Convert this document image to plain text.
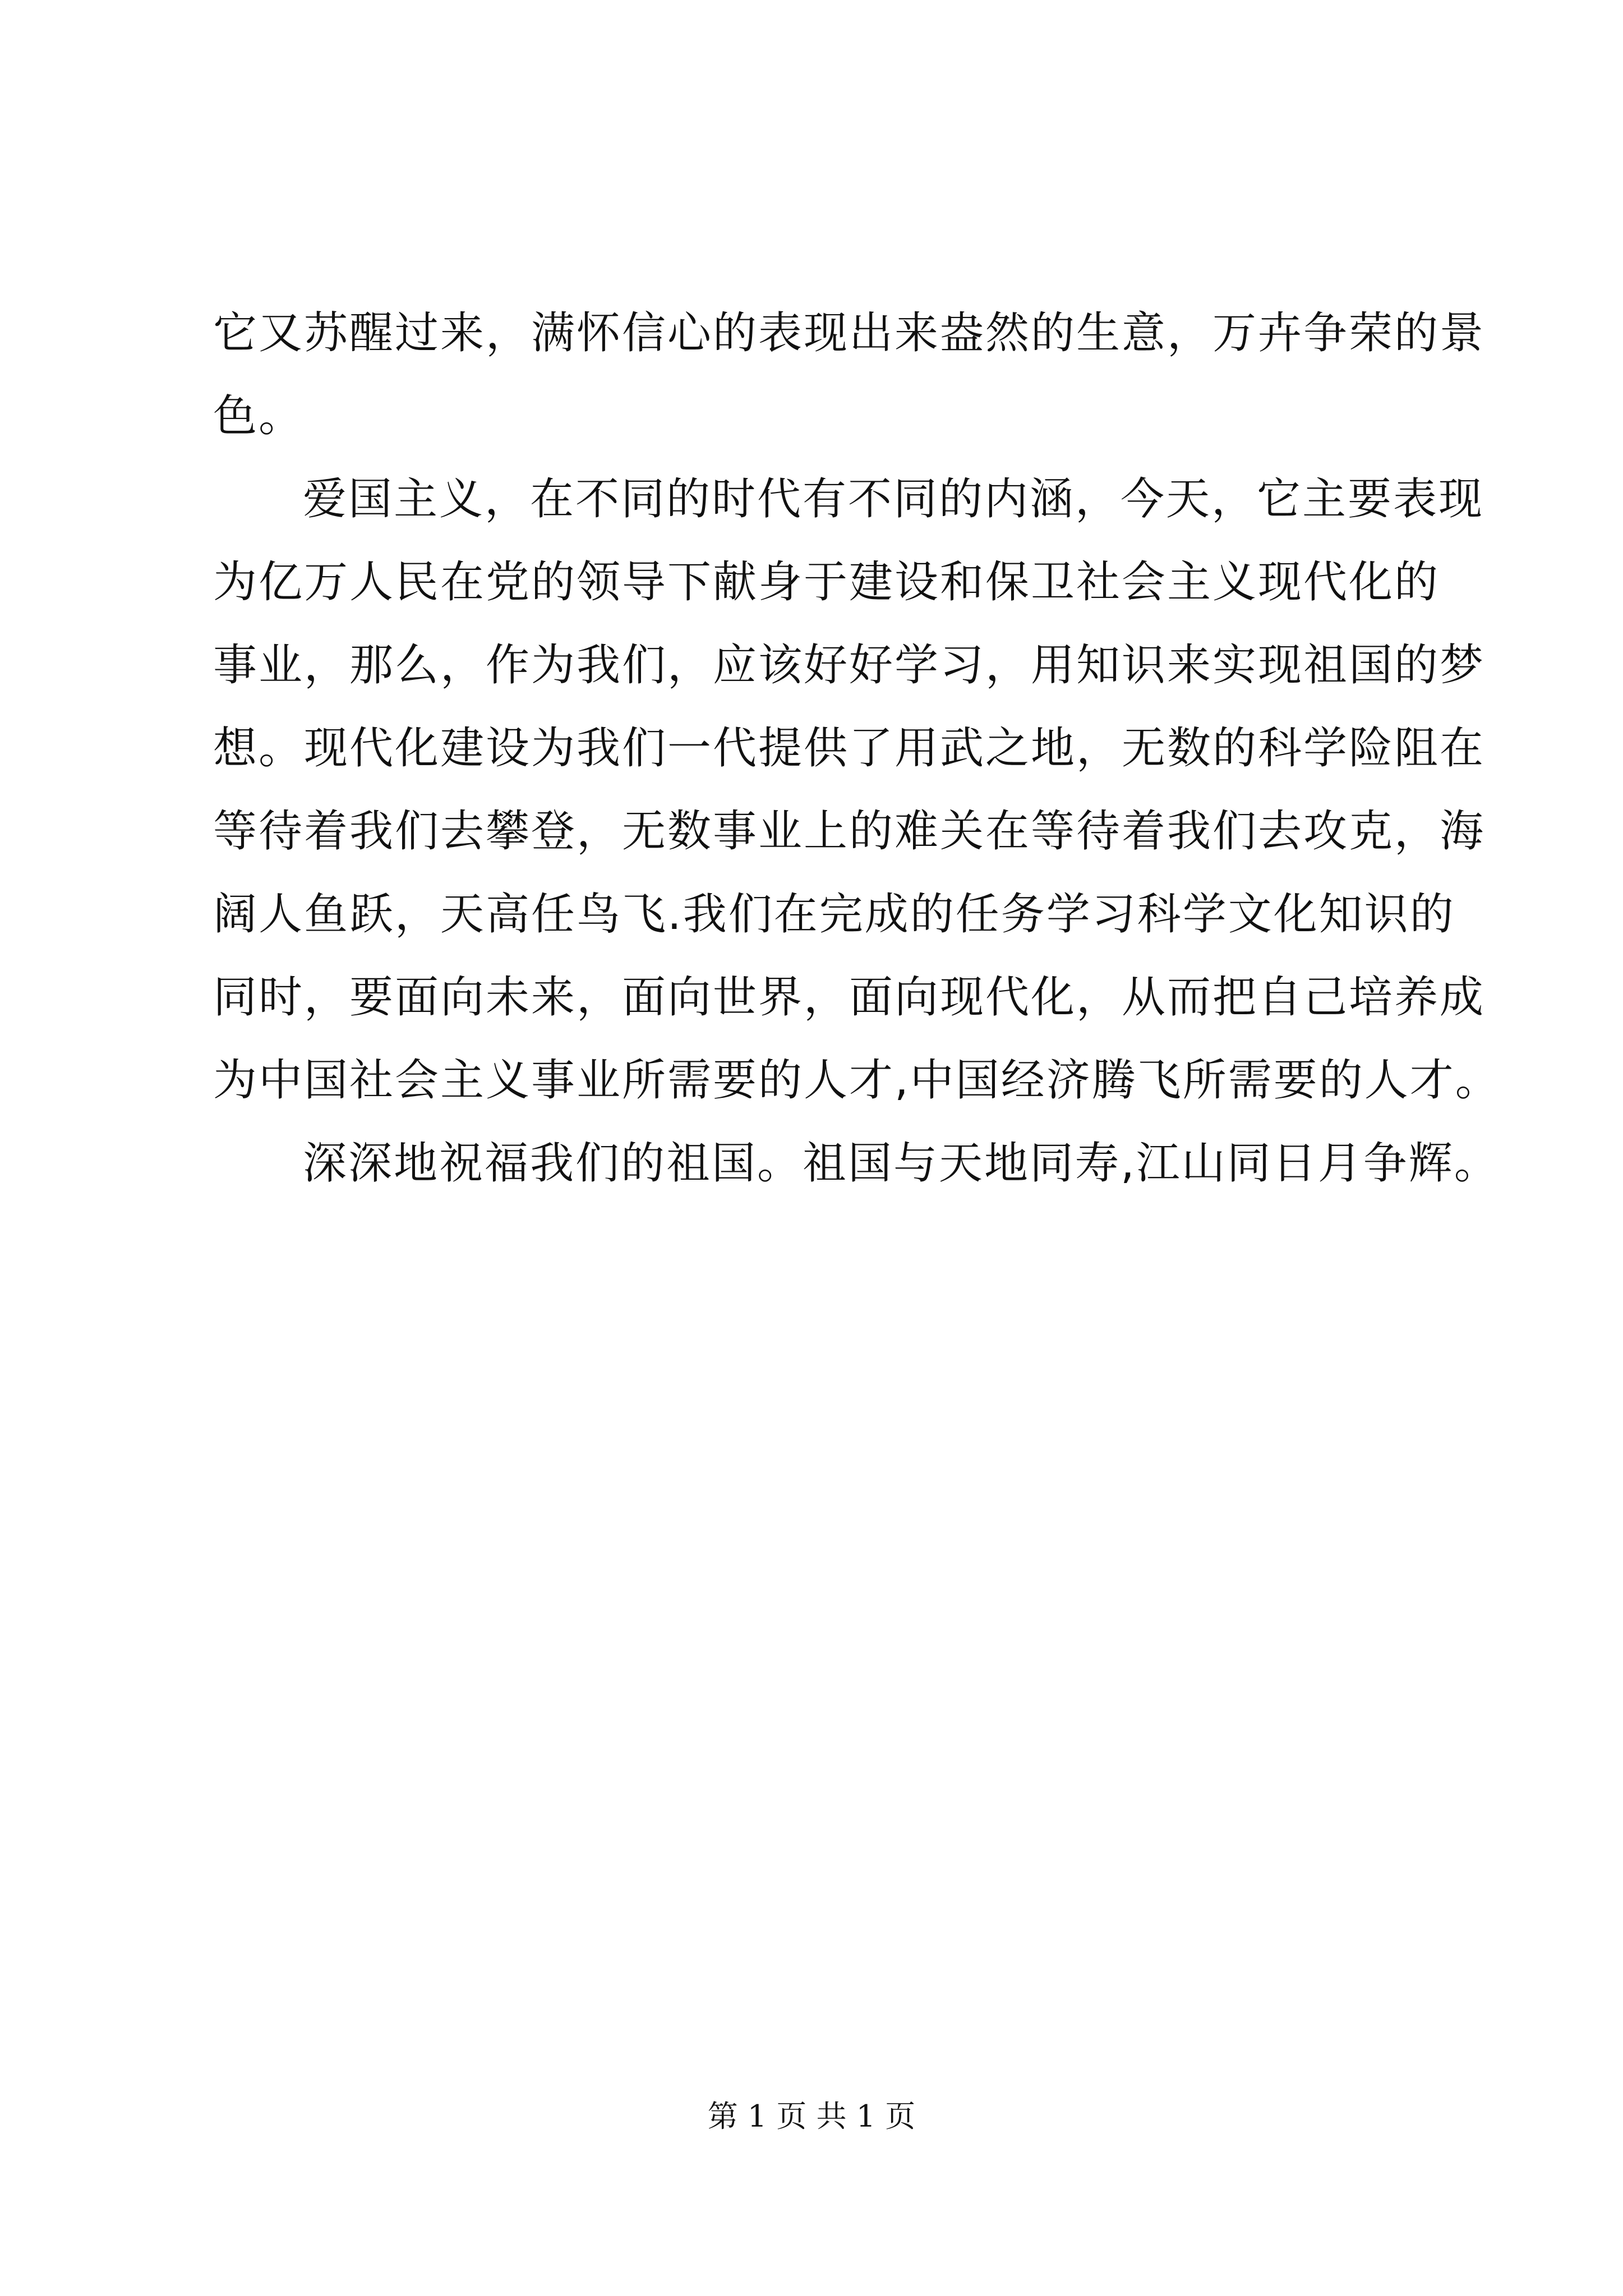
它又苏醒过来，满怀信心的表现出来盎然的生意，万卉争荣的景
色。
爱国主义，在不同的时代有不同的内涵，今天，它主要表现
为亿万人民在党的领导下献身于建设和保卫社会主义现代化的
事业，那么，作为我们，应该好好学习，用知识来实现祖国的梦
想。现代化建设为我们一代提供了用武之地，无数的科学险阻在
等待着我们去攀登，无数事业上的难关在等待着我们去攻克，海
阔人鱼跃，天高任鸟飞.我们在完成的任务学习科学文化知识的
同时，要面向未来，面向世界，面向现代化，从而把自己培养成
为中国社会主义事业所需要的人才,中国经济腾飞所需要的人才。
深深地祝福我们的祖国。祖国与天地同寿,江山同日月争辉。
第 1 页 共 1 页
